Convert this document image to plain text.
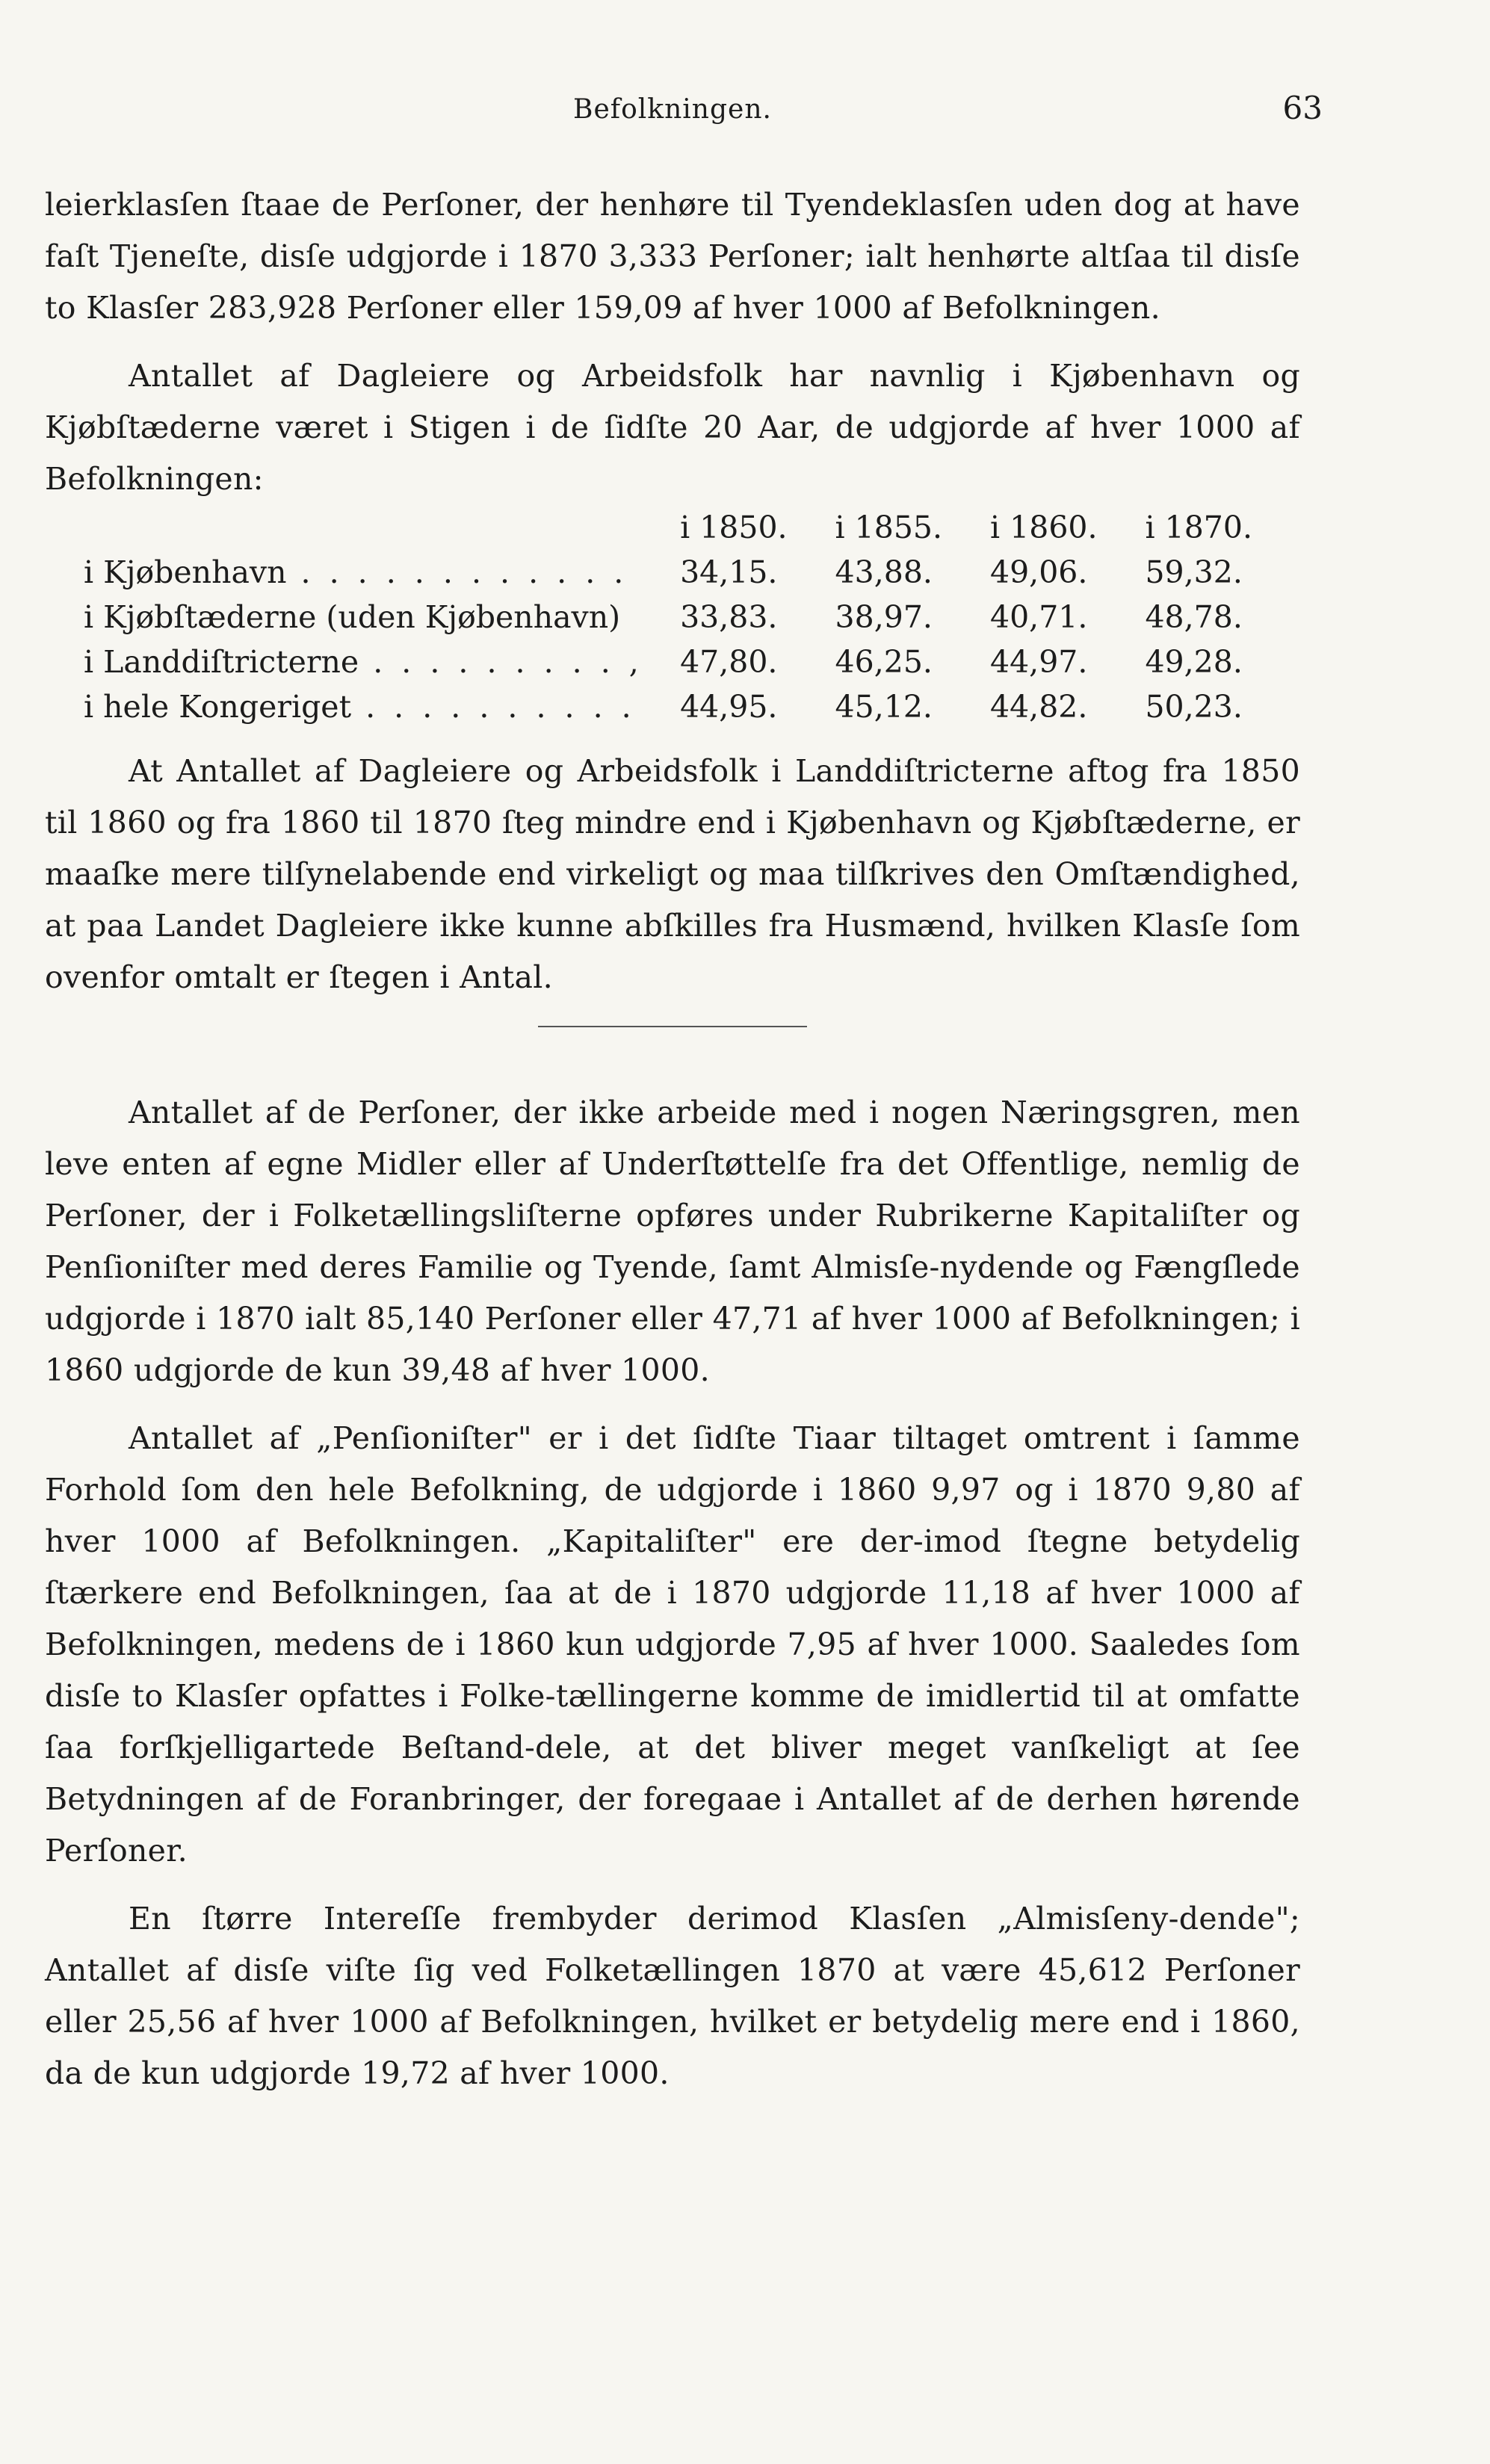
Befolkningen.	63

leierklasſen ſtaae de Perſoner, der henhøre til Tyendeklasſen uden dog at have faſt Tjeneſte, disſe udgjorde i 1870 3,333 Perſoner; ialt henhørte altſaa til disſe to Klasſer 283,928 Perſoner eller 159,09 af hver 1000 af Befolkningen.

Antallet af Dagleiere og Arbeidsfolk har navnlig i Kjøbenhavn og Kjøbſtæderne været i Stigen i de ſidſte 20 Aar, de udgjorde af hver 1000 af Befolkningen:

	i 1850.	i 1855.	i 1860.	i 1870.
i Kjøbenhavn . . . . . . . . . . . .	34,15.	43,88.	49,06.	59,32.
i Kjøbſtæderne (uden Kjøbenhavn)	33,83.	38,97.	40,71.	48,78.
i Landdiſtricterne . . . . . . . . . ,	47,80.	46,25.	44,97.	49,28.
i hele Kongeriget . . . . . . . . . .	44,95.	45,12.	44,82.	50,23.

At Antallet af Dagleiere og Arbeidsfolk i Landdiſtricterne aftog fra 1850 til 1860 og fra 1860 til 1870 ſteg mindre end i Kjøbenhavn og Kjøbſtæderne, er maaſke mere tilſynelabende end virkeligt og maa tilſkrives den Omſtændighed, at paa Landet Dagleiere ikke kunne abſkilles fra Husmænd, hvilken Klasſe ſom ovenfor omtalt er ſtegen i Antal.

Antallet af de Perſoner, der ikke arbeide med i nogen Næringsgren, men leve enten af egne Midler eller af Underſtøttelſe fra det Offentlige, nemlig de Perſoner, der i Folketællingsliſterne opføres under Rubrikerne Kapitaliſter og Penſioniſter med deres Familie og Tyende, ſamt Almisſe-nydende og Fængſlede udgjorde i 1870 ialt 85,140 Perſoner eller 47,71 af hver 1000 af Befolkningen; i 1860 udgjorde de kun 39,48 af hver 1000.

Antallet af „Penſioniſter" er i det ſidſte Tiaar tiltaget omtrent i ſamme Forhold ſom den hele Befolkning, de udgjorde i 1860 9,97 og i 1870 9,80 af hver 1000 af Befolkningen. „Kapitaliſter" ere der-imod ſtegne betydelig ſtærkere end Befolkningen, ſaa at de i 1870 udgjorde 11,18 af hver 1000 af Befolkningen, medens de i 1860 kun udgjorde 7,95 af hver 1000. Saaledes ſom disſe to Klasſer opfattes i Folke-tællingerne komme de imidlertid til at omfatte ſaa forſkjelligartede Beſtand-dele, at det bliver meget vanſkeligt at ſee Betydningen af de Foranbringer, der foregaae i Antallet af de derhen hørende Perſoner.

En ſtørre Intereſſe frembyder derimod Klasſen „Almisſeny-dende"; Antallet af disſe viſte ſig ved Folketællingen 1870 at være 45,612 Perſoner eller 25,56 af hver 1000 af Befolkningen, hvilket er betydelig mere end i 1860, da de kun udgjorde 19,72 af hver 1000.
